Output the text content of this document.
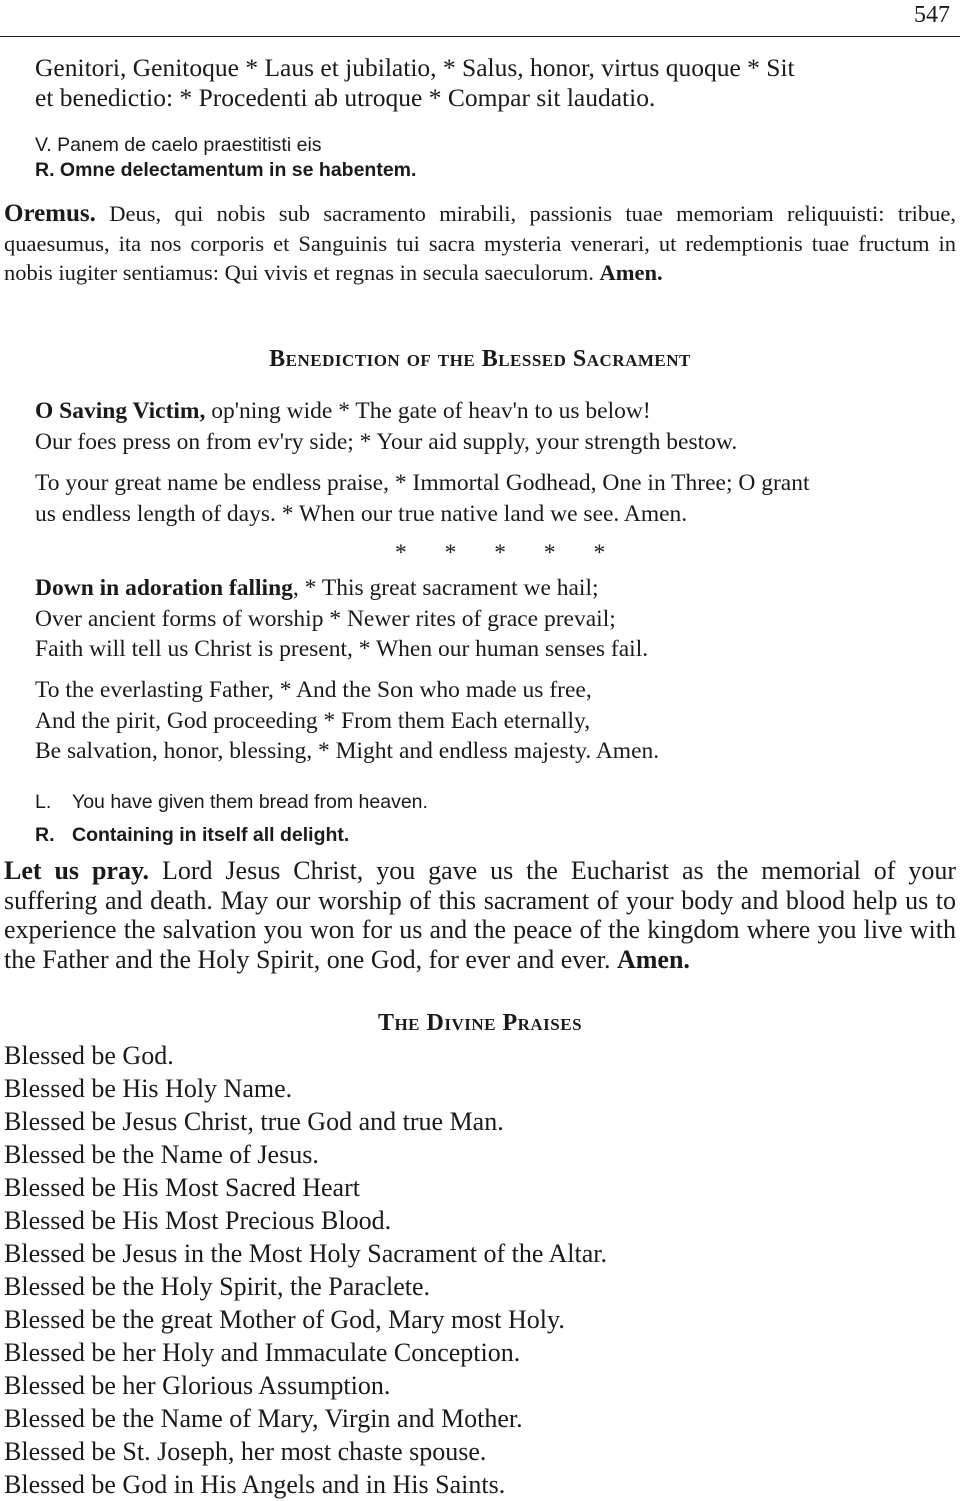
547
Genitori, Genitoque * Laus et jubilatio, * Salus, honor, virtus quoque * Sit
et benedictio: * Procedenti ab utroque * Compar sit laudatio.
V. Panem de caelo praestitisti eis
R. Omne delectamentum in se habentem.
Oremus. Deus, qui nobis sub sacramento mirabili, passionis tuae memoriam reliquuisti: tribue, quaesumus, ita nos corporis et Sanguinis tui sacra mysteria venerari, ut redemptionis tuae fructum in nobis iugiter sentiamus: Qui vivis et regnas in secula saeculorum. Amen.
Benediction of the Blessed Sacrament
O Saving Victim, op'ning wide * The gate of heav'n to us below!
Our foes press on from ev'ry side; * Your aid supply, your strength bestow.
To your great name be endless praise, * Immortal Godhead, One in Three; O grant
us endless length of days. * When our true native land we see. Amen.
* * * * *
Down in adoration falling, * This great sacrament we hail;
Over ancient forms of worship * Newer rites of grace prevail;
Faith will tell us Christ is present, * When our human senses fail.
To the everlasting Father, * And the Son who made us free,
And the pirit, God proceeding * From them Each eternally,
Be salvation, honor, blessing, * Might and endless majesty. Amen.
L. You have given them bread from heaven.
R. Containing in itself all delight.
Let us pray. Lord Jesus Christ, you gave us the Eucharist as the memorial of your suffering and death. May our worship of this sacrament of your body and blood help us to experience the salvation you won for us and the peace of the kingdom where you live with the Father and the Holy Spirit, one God, for ever and ever. Amen.
The Divine Praises
Blessed be God.
Blessed be His Holy Name.
Blessed be Jesus Christ, true God and true Man.
Blessed be the Name of Jesus.
Blessed be His Most Sacred Heart
Blessed be His Most Precious Blood.
Blessed be Jesus in the Most Holy Sacrament of the Altar.
Blessed be the Holy Spirit, the Paraclete.
Blessed be the great Mother of God, Mary most Holy.
Blessed be her Holy and Immaculate Conception.
Blessed be her Glorious Assumption.
Blessed be the Name of Mary, Virgin and Mother.
Blessed be St. Joseph, her most chaste spouse.
Blessed be God in His Angels and in His Saints.
